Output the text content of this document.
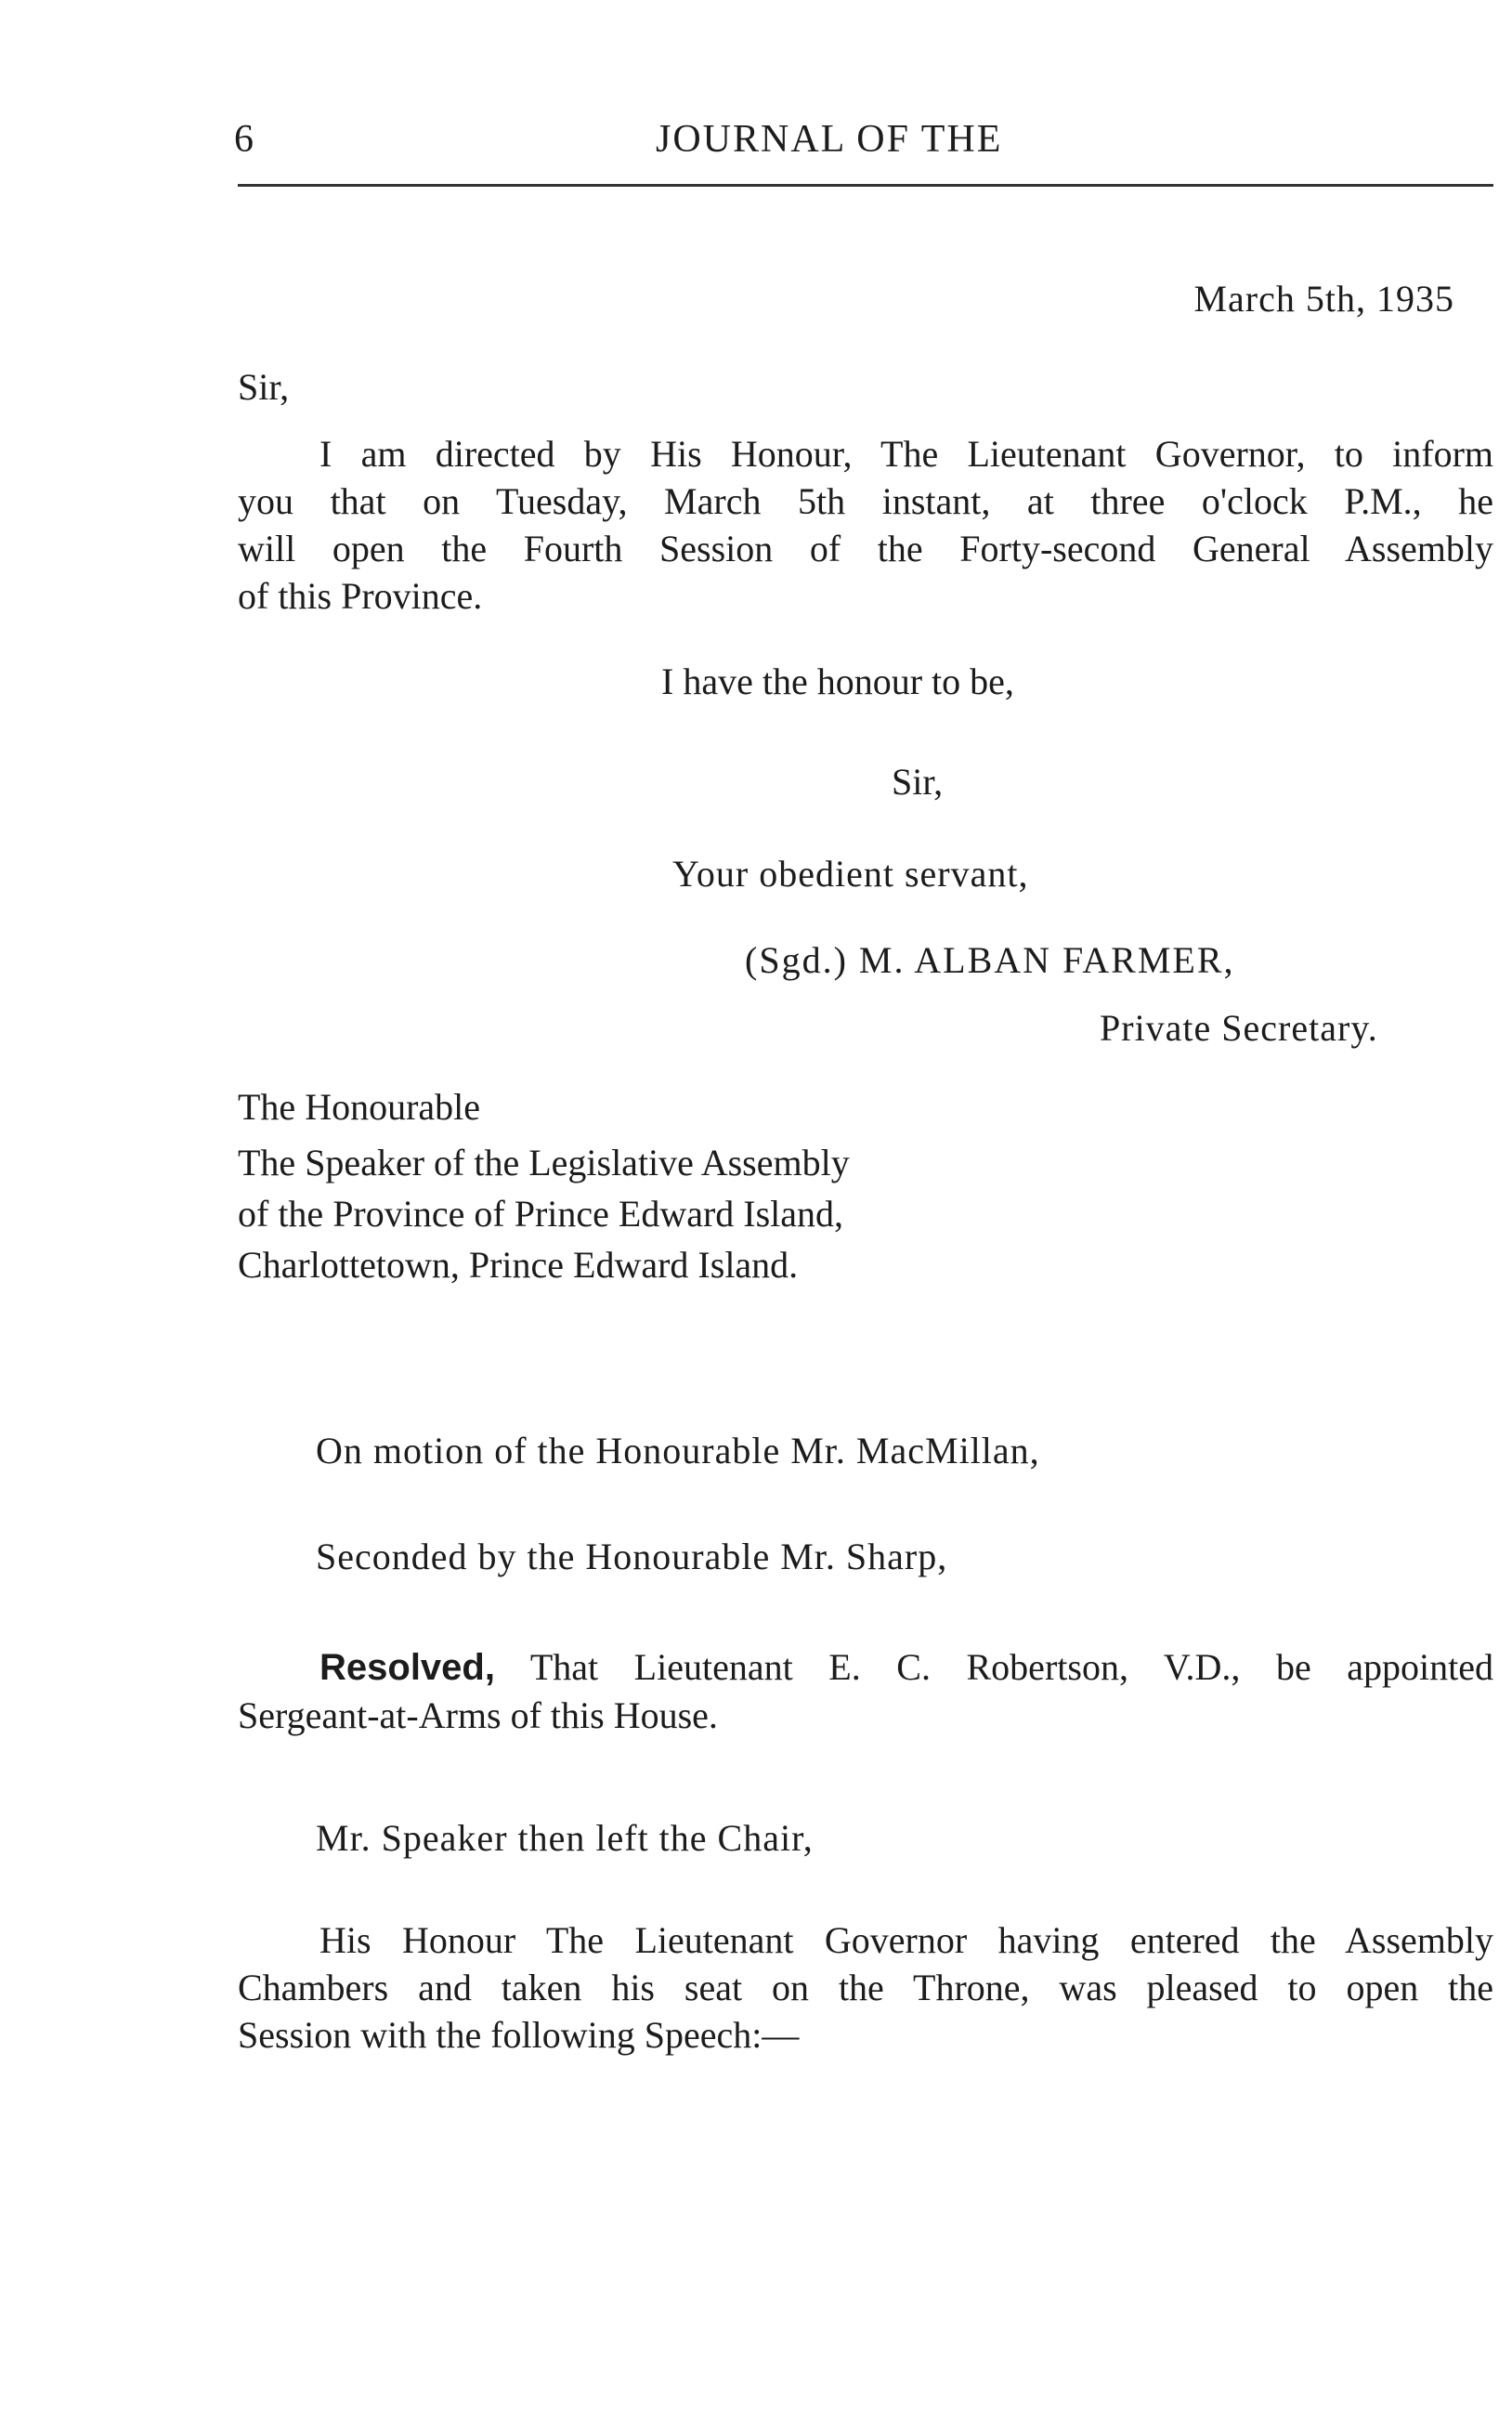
6	JOURNAL OF THE
March 5th, 1935
Sir,
I am directed by His Honour, The Lieutenant Governor, to inform
you that on Tuesday, March 5th instant, at three o'clock P.M., he
will open the Fourth Session of the Forty-second General Assembly
of this Province.
I have the honour to be,
Sir,
Your obedient servant,
(Sgd.) M. ALBAN FARMER,
Private Secretary.
The Honourable
The Speaker of the Legislative Assembly
of the Province of Prince Edward Island,
Charlottetown, Prince Edward Island.
On motion of the Honourable Mr. MacMillan,
Seconded by the Honourable Mr. Sharp,
Resolved, That Lieutenant E. C. Robertson, V.D., be appointed
Sergeant-at-Arms of this House.
Mr. Speaker then left the Chair,
His Honour The Lieutenant Governor having entered the Assembly
Chambers and taken his seat on the Throne, was pleased to open the
Session with the following Speech:—
